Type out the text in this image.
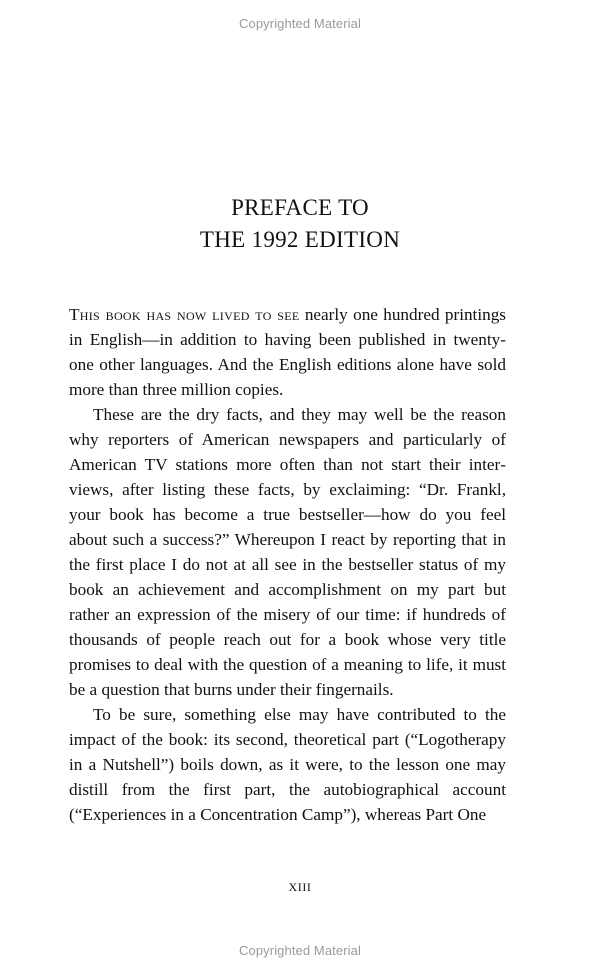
Copyrighted Material
PREFACE TO
THE 1992 EDITION

This book has now lived to see nearly one hundred printings in English—in addition to having been published in twenty-one other languages. And the English editions alone have sold more than three million copies.

These are the dry facts, and they may well be the reason why reporters of American newspapers and particularly of American TV stations more often than not start their interviews, after listing these facts, by exclaiming: “Dr. Frankl, your book has become a true bestseller—how do you feel about such a success?” Whereupon I react by reporting that in the first place I do not at all see in the bestseller status of my book an achievement and accomplishment on my part but rather an expression of the misery of our time: if hundreds of thousands of people reach out for a book whose very title promises to deal with the question of a meaning to life, it must be a question that burns under their fingernails.

To be sure, something else may have contributed to the impact of the book: its second, theoretical part (“Logotherapy in a Nutshell”) boils down, as it were, to the lesson one may distill from the first part, the autobiographical account (“Experiences in a Concentration Camp”), whereas Part One

XIII
Copyrighted Material
